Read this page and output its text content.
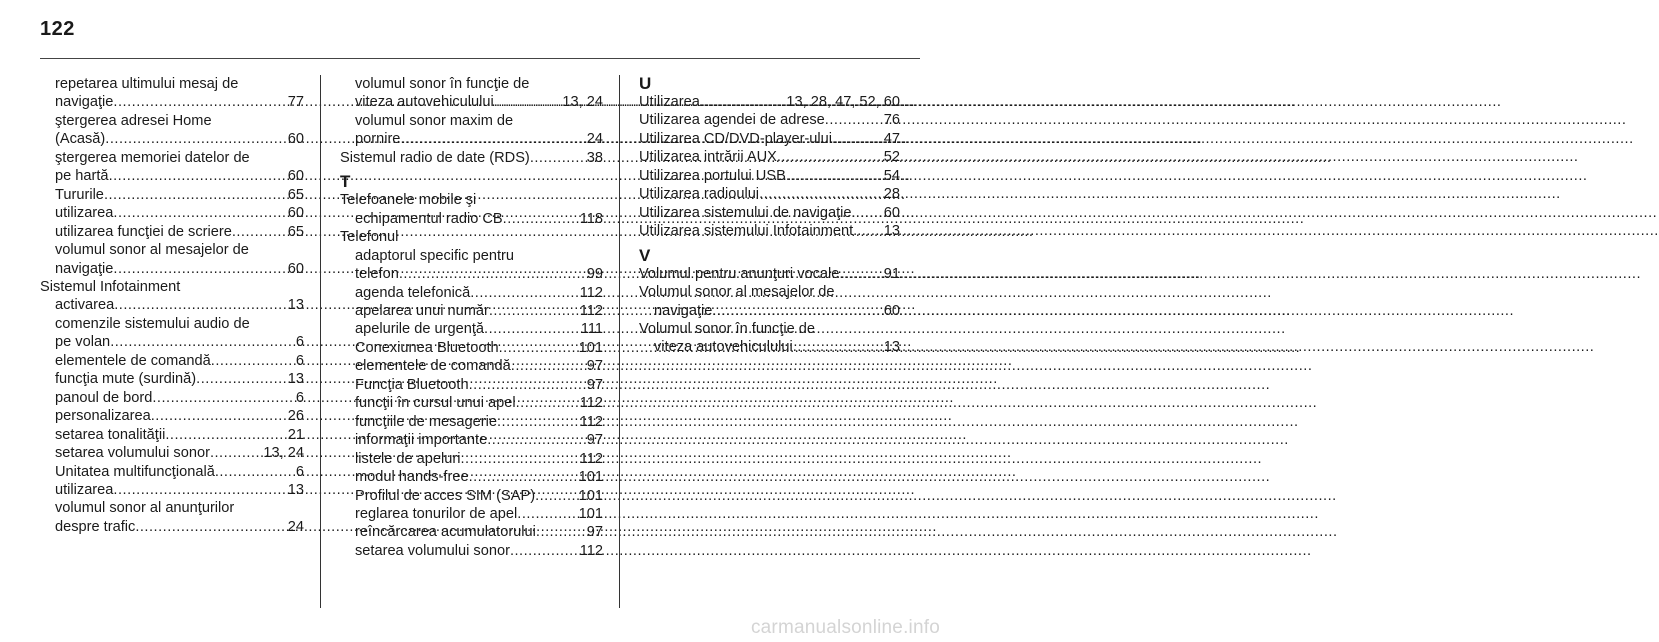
122
repetarea ultimului mesaj de
navigaţie .....	77
ştergerea adresei Home
(Acasă) .....	60
ştergerea memoriei datelor de
pe hartă .....	60
Tururile .....	65
utilizarea .....	60
utilizarea funcţiei de scriere .....	65
volumul sonor al mesajelor de
navigaţie .....	60
Sistemul Infotainment
activarea .....	13
comenzile sistemului audio de
pe volan .....	6
elementele de comandă .....	6
funcţia mute (surdină) .....	13
panoul de bord .....	6
personalizarea .....	26
setarea tonalităţii .....	21
setarea volumului sonor .....	13, 24
Unitatea multifuncţională .....	6
utilizarea .....	13
volumul sonor al anunţurilor
despre trafic .....	24
volumul sonor în funcţie de
viteza autovehiculului .....	13, 24
volumul sonor maxim de
pornire .....	24
Sistemul radio de date (RDS) .....	38
T
Telefoanele mobile şi
echipamentul radio CB .....	118
Telefonul
adaptorul specific pentru
telefon .....	99
agenda telefonică .....	112
apelarea unui număr .....	112
apelurile de urgenţă .....	111
Conexiunea Bluetooth .....	101
elementele de comandă .....	97
Funcţia Bluetooth .....	97
funcţii în cursul unui apel .....	112
funcţiile de mesagerie .....	112
informaţii importante .....	97
listele de apeluri .....	112
modul hands-free .....	101
Profilul de acces SIM (SAP) .....	101
reglarea tonurilor de apel .....	101
reîncărcarea acumulatorului .....	97
setarea volumului sonor .....	112
U
Utilizarea .....	13, 28, 47, 52, 60
Utilizarea agendei de adrese .....	76
Utilizarea CD/DVD-player-ului .....	47
Utilizarea intrării AUX .....	52
Utilizarea portului USB .....	54
Utilizarea radioului .....	28
Utilizarea sistemului de navigaţie. ..... 60
Utilizarea sistemului Infotainment. ..... 13
V
Volumul pentru anunţuri vocale .....	91
Volumul sonor al mesajelor de
navigaţie .....	60
Volumul sonor în funcţie de
viteza autovehiculului .....	13
carmanualsonline.info
